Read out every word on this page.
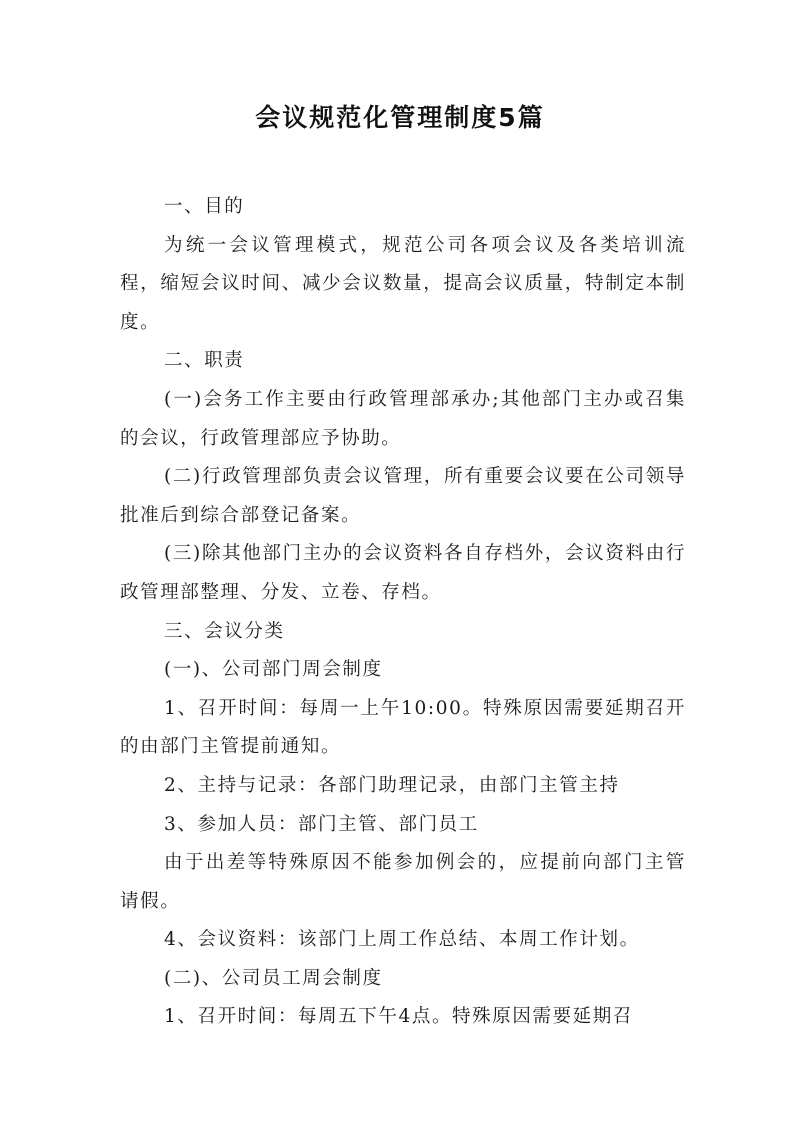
会议规范化管理制度5篇

一、目的

为统一会议管理模式，规范公司各项会议及各类培训流程，缩短会议时间、减少会议数量，提高会议质量，特制定本制度。

二、职责

(一)会务工作主要由行政管理部承办;其他部门主办或召集的会议，行政管理部应予协助。

(二)行政管理部负责会议管理，所有重要会议要在公司领导批准后到综合部登记备案。

(三)除其他部门主办的会议资料各自存档外，会议资料由行政管理部整理、分发、立卷、存档。

三、会议分类

(一)、公司部门周会制度

1、召开时间：每周一上午10:00。特殊原因需要延期召开的由部门主管提前通知。

2、主持与记录：各部门助理记录，由部门主管主持

3、参加人员：部门主管、部门员工

由于出差等特殊原因不能参加例会的，应提前向部门主管请假。

4、会议资料：该部门上周工作总结、本周工作计划。

(二)、公司员工周会制度

1、召开时间：每周五下午4点。特殊原因需要延期召
